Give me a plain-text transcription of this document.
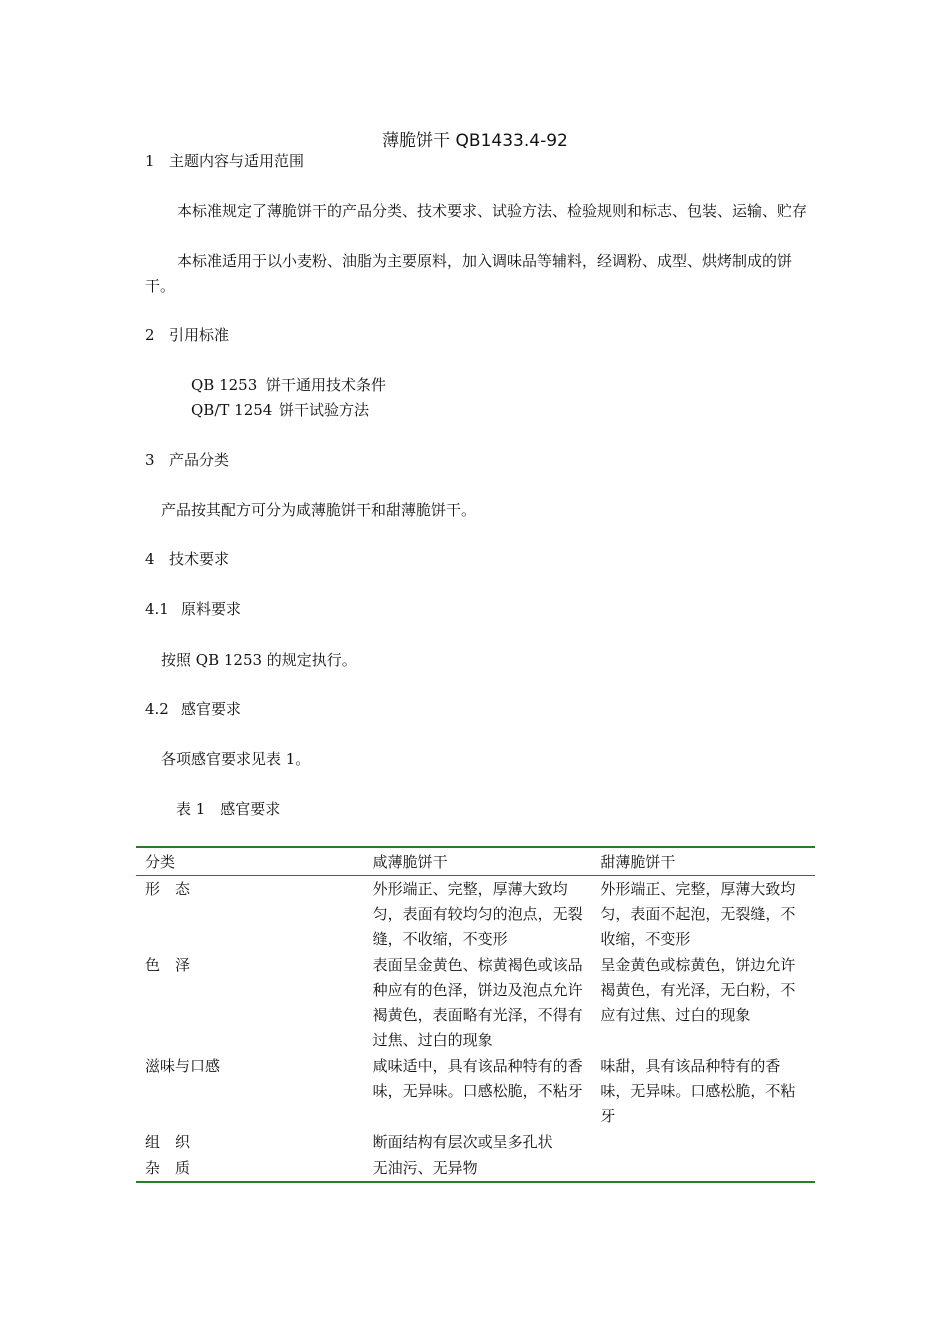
薄脆饼干 QB1433.4-92
1 主题内容与适用范围
本标准规定了薄脆饼干的产品分类、技术要求、试验方法、检验规则和标志、包装、运输、贮存
本标准适用于以小麦粉、油脂为主要原料，加入调味品等辅料，经调粉、成型、烘烤制成的饼干。
2 引用标准
QB 1253 饼干通用技术条件
QB/T 1254 饼干试验方法
3 产品分类
产品按其配方可分为咸薄脆饼干和甜薄脆饼干。
4 技术要求
4.1 原料要求
按照 QB 1253 的规定执行。
4.2 感官要求
各项感官要求见表 1。
表 1　感官要求
分类	咸薄脆饼干	甜薄脆饼干
形　态	外形端正、完整，厚薄大致均匀，表面有较均匀的泡点，无裂缝，不收缩，不变形	外形端正、完整，厚薄大致均匀，表面不起泡，无裂缝，不收缩，不变形
色　泽	表面呈金黄色、棕黄褐色或该品种应有的色泽，饼边及泡点允许褐黄色，表面略有光泽，不得有过焦、过白的现象	呈金黄色或棕黄色，饼边允许褐黄色，有光泽，无白粉，不应有过焦、过白的现象
滋味与口感	咸味适中，具有该品种特有的香味，无异味。口感松脆，不粘牙	味甜，具有该品种特有的香味，无异味。口感松脆，不粘牙
组　织	断面结构有层次或呈多孔状	
杂　质	无油污、无异物	
